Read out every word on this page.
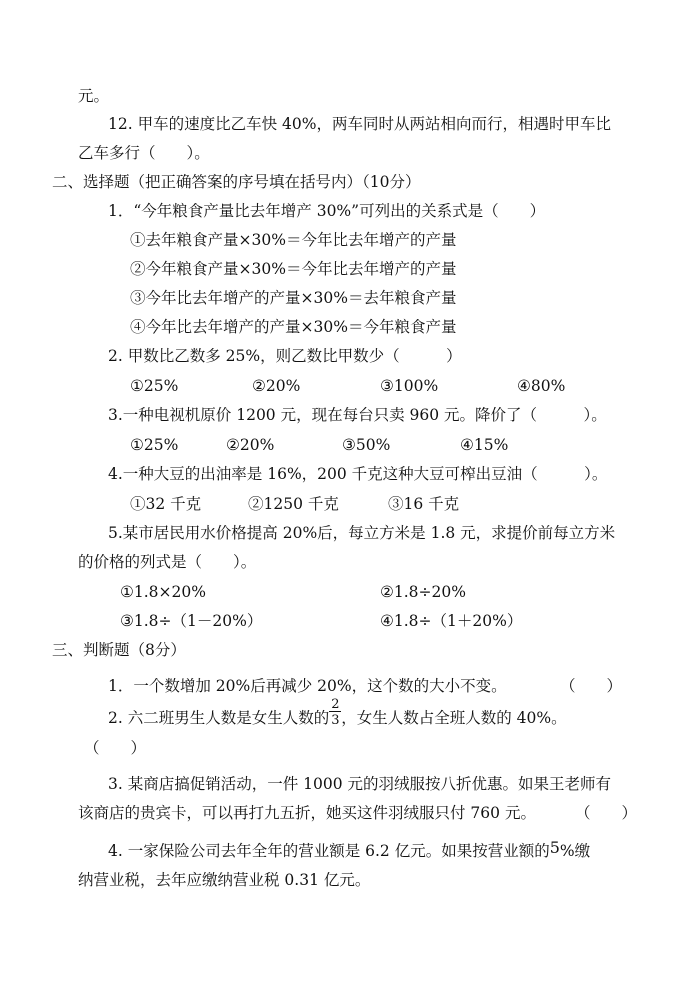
元。
12. 甲车的速度比乙车快 40%，两车同时从两站相向而行，相遇时甲车比
乙车多行（　　）。
二、选择题（把正确答案的序号填在括号内）（10分）
1．“今年粮食产量比去年增产 30%”可列出的关系式是（　　）
①去年粮食产量×30%＝今年比去年增产的产量
②今年粮食产量×30%＝今年比去年增产的产量
③今年比去年增产的产量×30%＝去年粮食产量
④今年比去年增产的产量×30%＝今年粮食产量
2. 甲数比乙数多 25%，则乙数比甲数少（　　　）
①25%	②20%	③100%	④80%
3.一种电视机原价 1200 元，现在每台只卖 960 元。降价了（　　　）。
①25%	②20%	③50%	④15%
4.一种大豆的出油率是 16%，200 千克这种大豆可榨出豆油（　　　）。
①32 千克	②1250 千克	③16 千克
5.某市居民用水价格提高 20%后，每立方米是 1.8 元，求提价前每立方米
的价格的列式是（　　）。
①1.8×20%	②1.8÷20%
③1.8÷（1－20%）	④1.8÷（1＋20%）
三、判断题（8分）
1．一个数增加 20%后再减少 20%，这个数的大小不变。	（　　）
2. 六二班男生人数是女生人数的 $\frac{2}{3}$ ，女生人数占全班人数的 40%。
（　　）
3. 某商店搞促销活动，一件 1000 元的羽绒服按八折优惠。如果王老师有
该商店的贵宾卡，可以再打九五折，她买这件羽绒服只付 760 元。	（　　）
4. 一家保险公司去年全年的营业额是 6.2 亿元。如果按营业额的5%缴
纳营业税，去年应缴纳营业税 0.31 亿元。
